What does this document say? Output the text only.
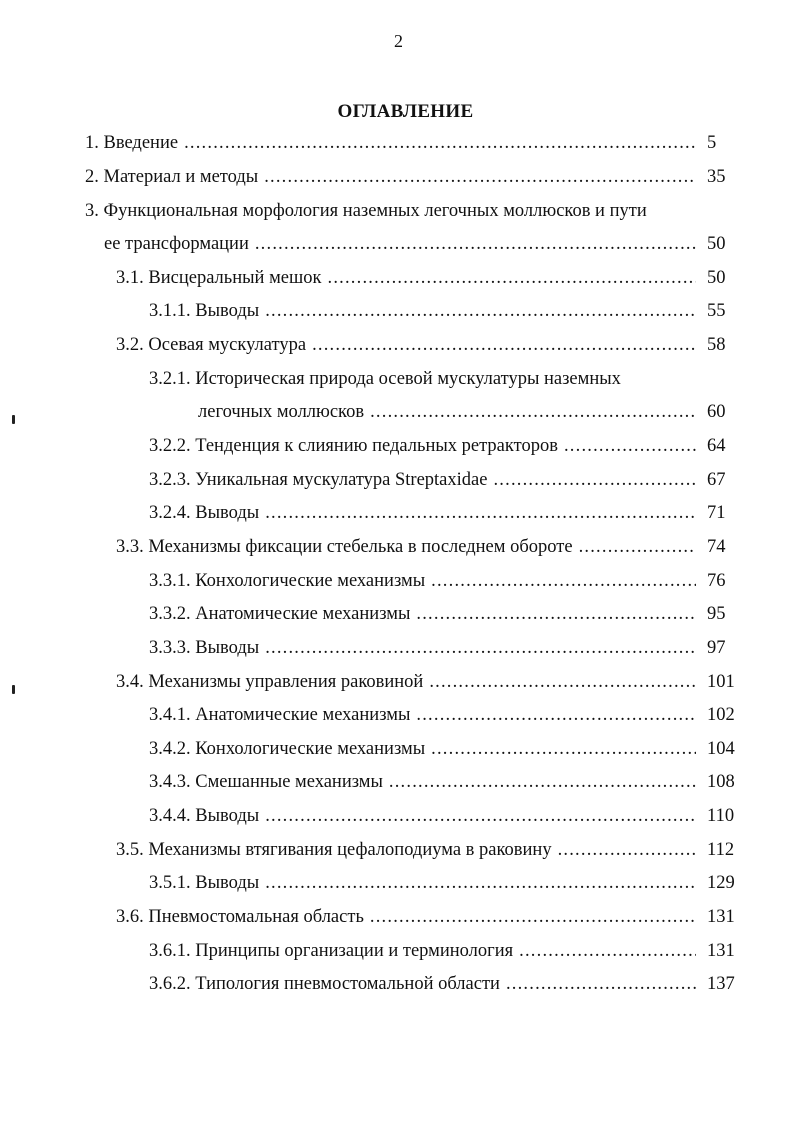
2
ОГЛАВЛЕНИЕ
1. Введение .....	5
2. Материал и методы .....	35
3. Функциональная морфология наземных легочных моллюсков и пути
ее трансформации .....	50
3.1. Висцеральный мешок .....	50
3.1.1. Выводы .....	55
3.2. Осевая мускулатура .....	58
3.2.1. Историческая природа осевой мускулатуры наземных
легочных моллюсков .....	60
3.2.2. Тенденция к слиянию педальных ретракторов .....	64
3.2.3. Уникальная мускулатура Streptaxidae .....	67
3.2.4. Выводы .....	71
3.3. Механизмы фиксации стебелька в последнем обороте .....	74
3.3.1. Конхологические механизмы .....	76
3.3.2. Анатомические механизмы .....	95
3.3.3. Выводы .....	97
3.4. Механизмы управления раковиной .....	101
3.4.1. Анатомические механизмы .....	102
3.4.2. Конхологические механизмы .....	104
3.4.3. Смешанные механизмы .....	108
3.4.4. Выводы .....	110
3.5. Механизмы втягивания цефалоподиума в раковину .....	112
3.5.1. Выводы .....	129
3.6. Пневмостомальная область .....	131
3.6.1. Принципы организации и терминология .....	131
3.6.2. Типология пневмостомальной области .....	137
